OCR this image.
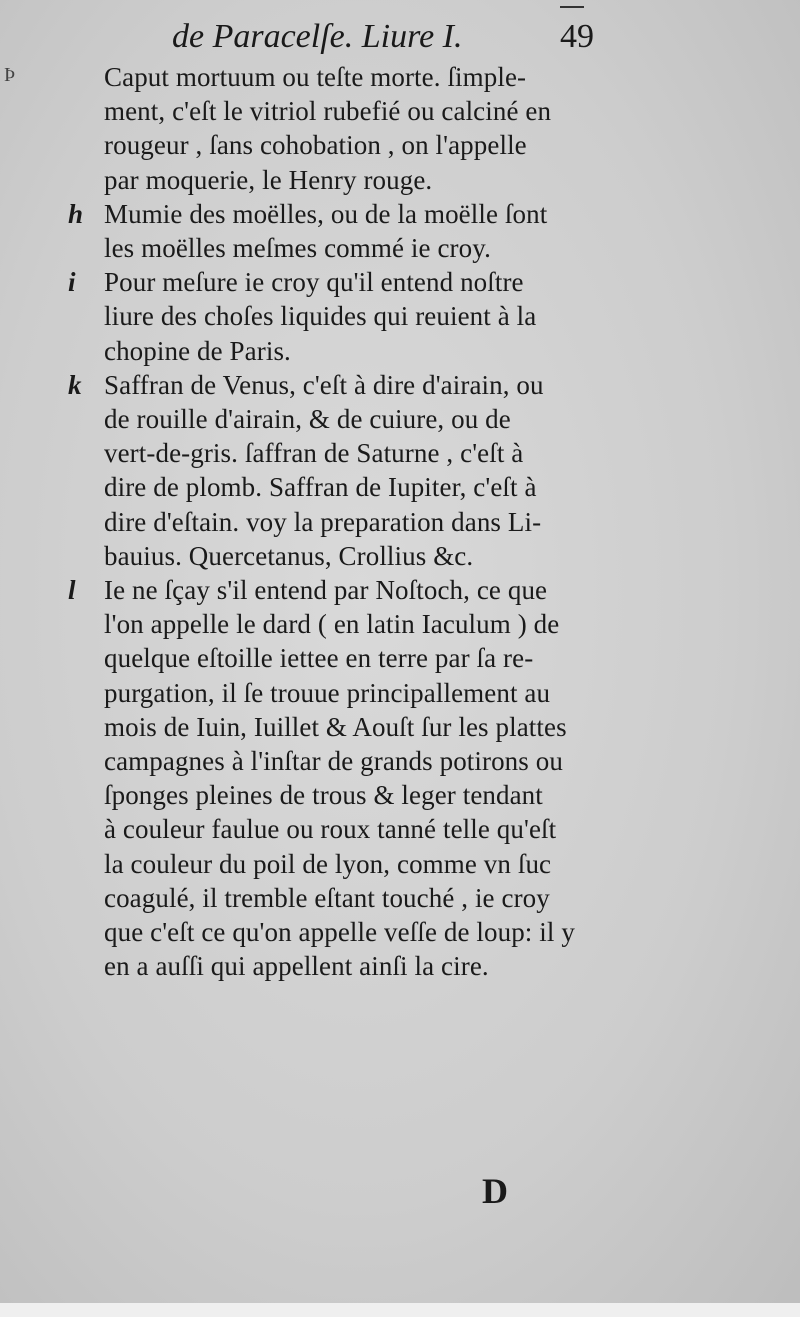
de Paracelſe. Liure I.	49
Ϸ	Caput mortuum ou teſte morte. ſimple-

ment, c'eſt le vitriol rubefié ou calciné en

rougeur , ſans cohobation , on l'appelle

par moquerie, le Henry rouge.

h Mumie des moëlles, ou de la moëlle ſont

les moëlles meſmes commé ie croy.

i Pour meſure ie croy qu'il entend noſtre

liure des choſes liquides qui reuient à la

chopine de Paris.

k Saffran de Venus, c'eſt à dire d'airain, ou

de rouille d'airain, & de cuiure, ou de

vert-de-gris. ſaffran de Saturne , c'eſt à

dire de plomb. Saffran de Iupiter, c'eſt à

dire d'eſtain. voy la preparation dans Li-

bauius. Quercetanus, Crollius &c.

l Ie ne ſçay s'il entend par Noſtoch, ce que

l'on appelle le dard ( en latin Iaculum ) de

quelque eſtoille iettee en terre par ſa re-

purgation, il ſe trouue principallement au

mois de Iuin, Iuillet & Aouſt ſur les plattes

campagnes à l'inſtar de grands potirons ou

ſponges pleines de trous & leger tendant

à couleur faulue ou roux tanné telle qu'eſt

la couleur du poil de lyon, comme vn ſuc

coagulé, il tremble eſtant touché , ie croy

que c'eſt ce qu'on appelle veſſe de loup: il y

en a auſſi qui appellent ainſi la cire.

D
